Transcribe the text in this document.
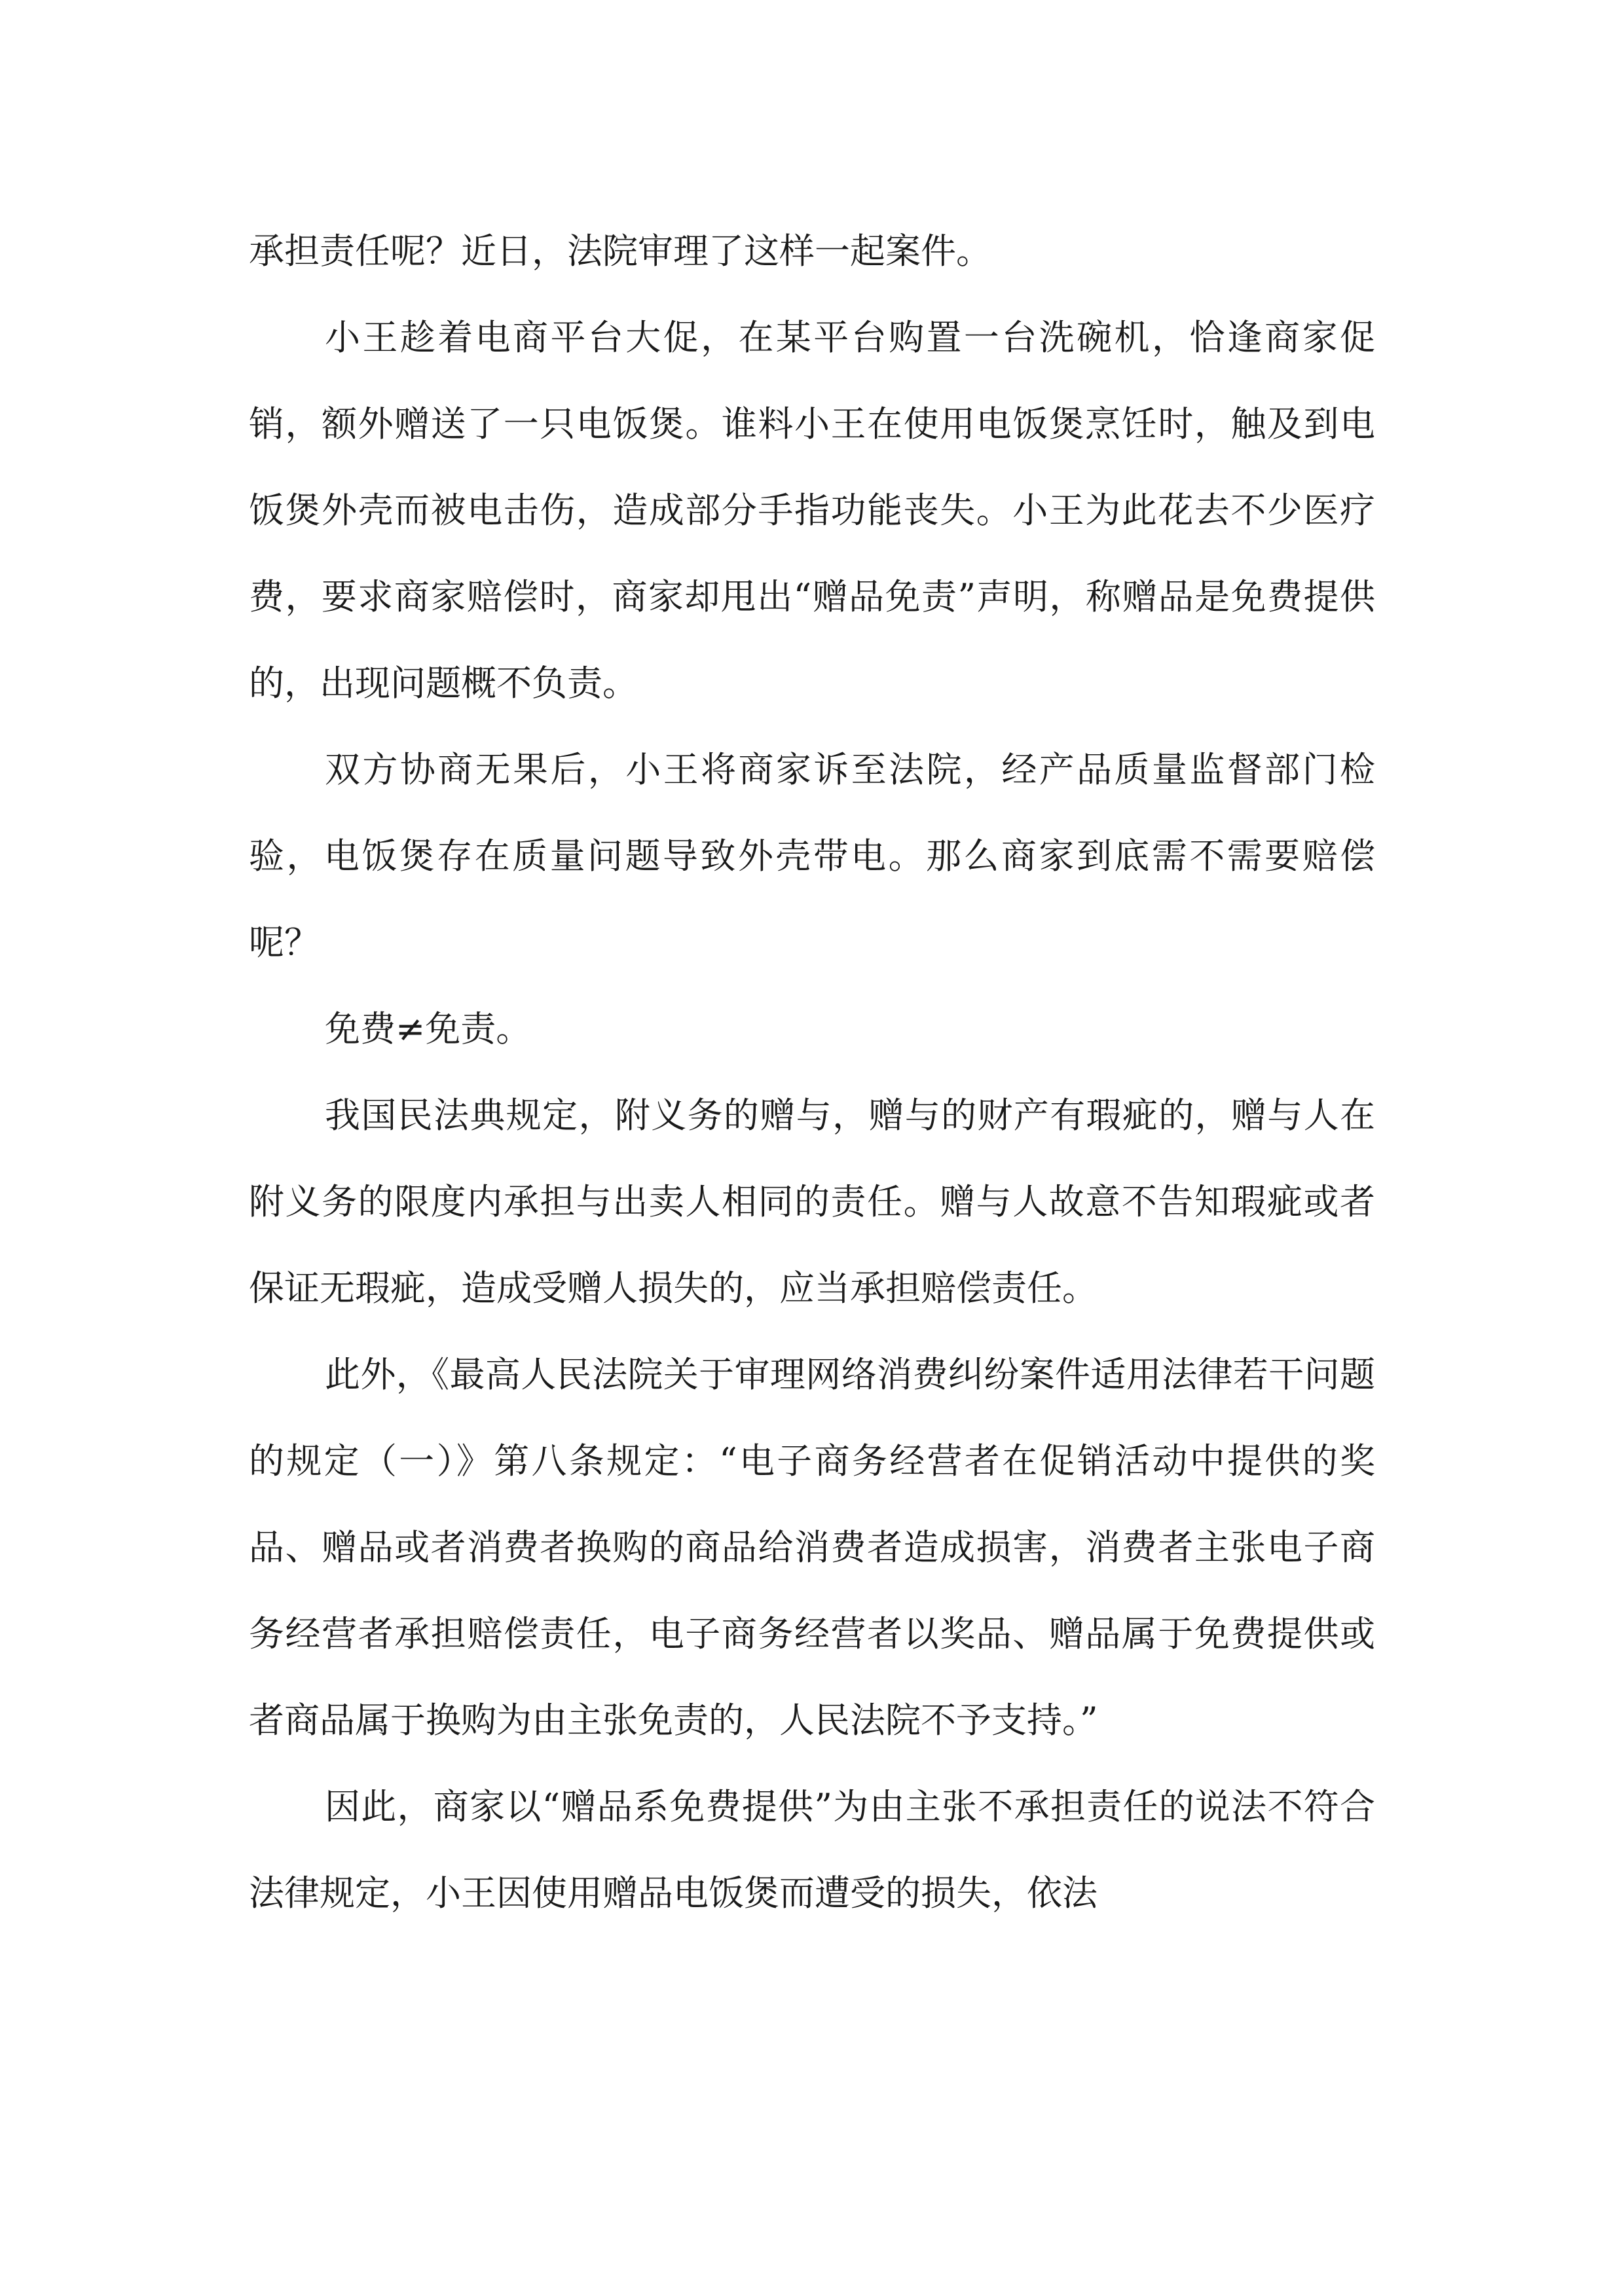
承担责任呢？近日，法院审理了这样一起案件。

小王趁着电商平台大促，在某平台购置一台洗碗机，恰逢商家促销，额外赠送了一只电饭煲。谁料小王在使用电饭煲烹饪时，触及到电饭煲外壳而被电击伤，造成部分手指功能丧失。小王为此花去不少医疗费，要求商家赔偿时，商家却甩出“赠品免责”声明，称赠品是免费提供的，出现问题概不负责。

双方协商无果后，小王将商家诉至法院，经产品质量监督部门检验，电饭煲存在质量问题导致外壳带电。那么商家到底需不需要赔偿呢？

免费≠免责。

我国民法典规定，附义务的赠与，赠与的财产有瑕疵的，赠与人在附义务的限度内承担与出卖人相同的责任。赠与人故意不告知瑕疵或者保证无瑕疵，造成受赠人损失的，应当承担赔偿责任。

此外，《最高人民法院关于审理网络消费纠纷案件适用法律若干问题的规定（一）》第八条规定：“电子商务经营者在促销活动中提供的奖品、赠品或者消费者换购的商品给消费者造成损害，消费者主张电子商务经营者承担赔偿责任，电子商务经营者以奖品、赠品属于免费提供或者商品属于换购为由主张免责的，人民法院不予支持。”

因此，商家以“赠品系免费提供”为由主张不承担责任的说法不符合法律规定，小王因使用赠品电饭煲而遭受的损失，依法
